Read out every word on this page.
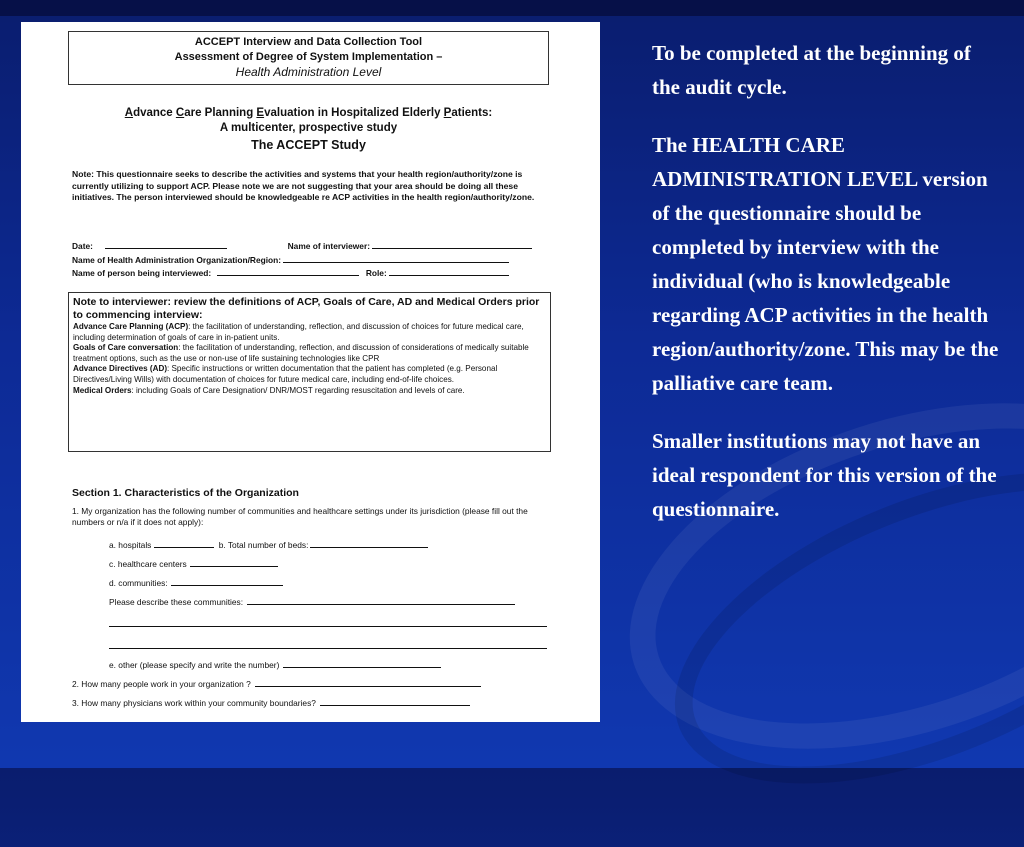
ACCEPT Interview and Data Collection Tool
Assessment of Degree of System Implementation –
Health Administration Level
Advance Care Planning Evaluation in Hospitalized Elderly Patients:
A multicenter, prospective study
The ACCEPT Study
Note: This questionnaire seeks to describe the activities and systems that your health region/authority/zone is currently utilizing to support ACP. Please note we are not suggesting that your area should be doing all these initiatives. The person interviewed should be knowledgeable re ACP activities in the health region/authority/zone.
Date:	Name of interviewer:
Name of Health Administration Organization/Region:
Name of person being interviewed:	Role:
Note to interviewer: review the definitions of ACP, Goals of Care, AD and Medical Orders prior to commencing interview:
Advance Care Planning (ACP): the facilitation of understanding, reflection, and discussion of choices for future medical care, including determination of goals of care in in-patient units.
Goals of Care conversation: the facilitation of understanding, reflection, and discussion of considerations of medically suitable treatment options, such as the use or non-use of life sustaining technologies like CPR
Advance Directives (AD): Specific instructions or written documentation that the patient has completed (e.g. Personal Directives/Living Wills) with documentation of choices for future medical care, including end-of-life choices.
Medical Orders: including Goals of Care Designation/ DNR/MOST regarding resuscitation and levels of care.
Section 1. Characteristics of the Organization
1. My organization has the following number of communities and healthcare settings under its jurisdiction (please fill out the numbers or n/a if it does not apply):
a. hospitals	b. Total number of beds:
c. healthcare centers
d. communities:
Please describe these communities:
e. other (please specify and write the number)
2. How many people work in your organization ?
3. How many physicians work within your community boundaries?

To be completed at the beginning of the audit cycle.

The HEALTH CARE ADMINISTRATION LEVEL version of the questionnaire should be completed by interview with the individual (who is knowledgeable regarding ACP activities in the health region/authority/zone. This may be the palliative care team.

Smaller institutions may not have an ideal respondent for this version of the questionnaire.
